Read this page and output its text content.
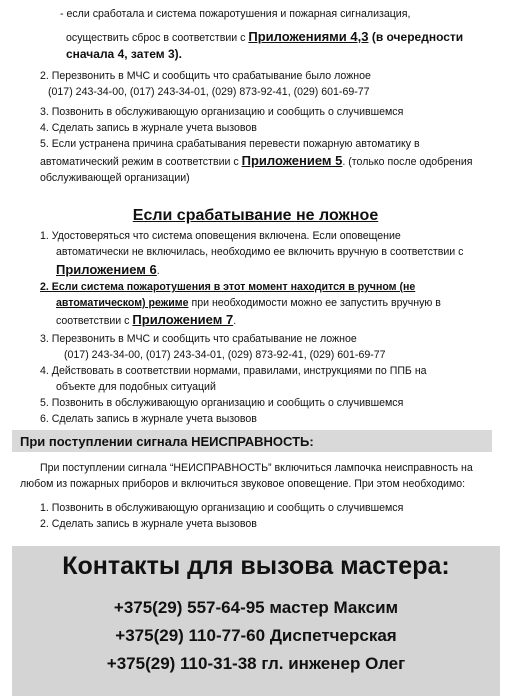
- если сработала и система пожаротушения и пожарная сигнализация,
осуществить сброс в соответствии с Приложениями 4,3 (в очередности
сначала 4, затем 3).
2. Перезвонить в МЧС и сообщить что срабатывание было ложное
(017) 243-34-00, (017) 243-34-01, (029) 873-92-41, (029) 601-69-77
3. Позвонить в обслуживающую организацию и сообщить о случившемся
4. Сделать запись в журнале учета вызовов
5. Если устранена причина срабатывания перевести пожарную автоматику в
автоматический режим в соответствии с Приложением 5. (только после одобрения
обслуживающей организации)
Если срабатывание не ложное
1. Удостоверяться что система оповещения включена. Если оповещение
автоматически не включилась, необходимо ее включить вручную в соответствии с
Приложением 6.
2. Если система пожаротушения в этот момент находится в ручном (не
автоматическом) режиме при необходимости можно ее запустить вручную в
соответствии с Приложением 7.
3. Перезвонить в МЧС и сообщить что срабатывание не ложное
(017) 243-34-00, (017) 243-34-01, (029) 873-92-41, (029) 601-69-77
4. Действовать в соответствии нормами, правилами, инструкциями по ППБ на
объекте для подобных ситуаций
5. Позвонить в обслуживающую организацию и сообщить о случившемся
6. Сделать запись в журнале учета вызовов
При поступлении сигнала НЕИСПРАВНОСТЬ:
При поступлении сигнала “НЕИСПРАВНОСТЬ” включиться лампочка неисправность на
любом из пожарных приборов и включиться звуковое оповещение. При этом необходимо:
1. Позвонить в обслуживающую организацию и сообщить о случившемся
2. Сделать запись в журнале учета вызовов
Контакты для вызова мастера:
+375(29) 557-64-95 мастер Максим
+375(29) 110-77-60 Диспетчерская
+375(29) 110-31-38 гл. инженер Олег
